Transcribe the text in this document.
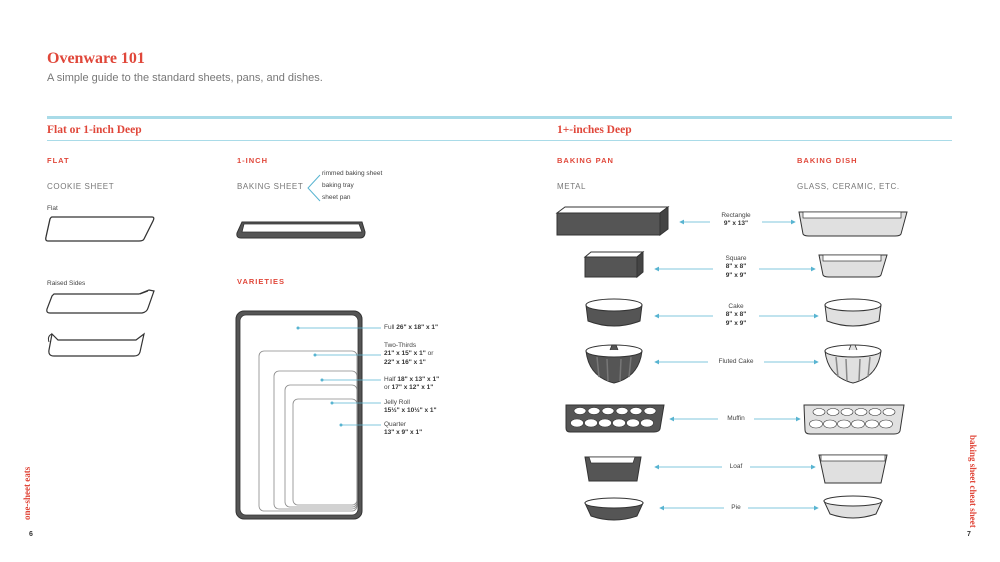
Ovenware 101
A simple guide to the standard sheets, pans, and dishes.
Flat or 1-inch Deep	1+-inches Deep
FLAT
COOKIE SHEET
Flat
Raised Sides
1-INCH
BAKING SHEET
rimmed baking sheet
baking tray
sheet pan
VARIETIES
Full 26" x 18" x 1"
Two-Thirds
21" x 15" x 1" or
22" x 16" x 1"
Half 18" x 13" x 1"
or 17" x 12" x 1"
Jelly Roll
15½" x 10½" x 1"
Quarter
13" x 9" x 1"
BAKING PAN
METAL
BAKING DISH
GLASS, CERAMIC, ETC.
Rectangle
9" x 13"
Square
8" x 8"
9" x 9"
Cake
8" x 8"
9" x 9"
Fluted Cake
Muffin
Loaf
Pie
one-sheet eats	baking sheet cheat sheet
6	7
